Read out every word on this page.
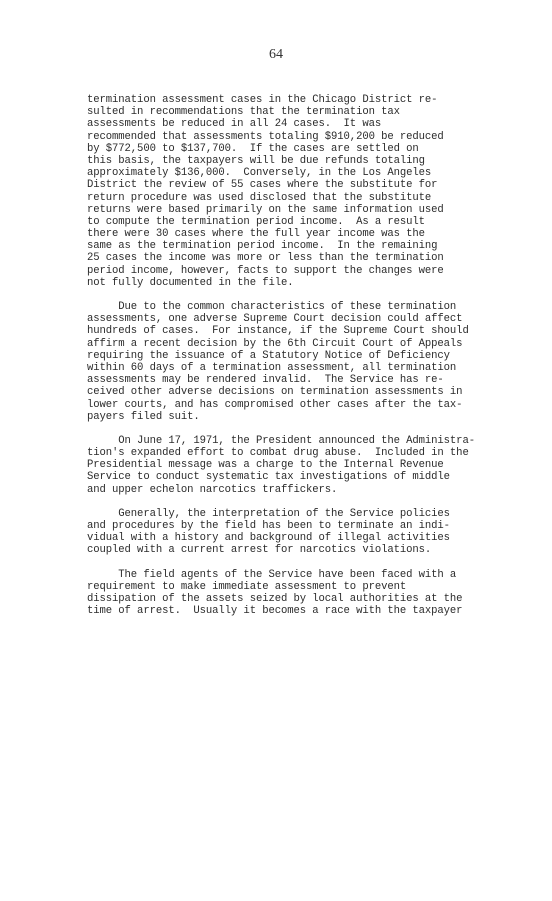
64
termination assessment cases in the Chicago District re-
sulted in recommendations that the termination tax
assessments be reduced in all 24 cases.  It was
recommended that assessments totaling $910,200 be reduced
by $772,500 to $137,700.  If the cases are settled on
this basis, the taxpayers will be due refunds totaling
approximately $136,000.  Conversely, in the Los Angeles
District the review of 55 cases where the substitute for
return procedure was used disclosed that the substitute
returns were based primarily on the same information used
to compute the termination period income.  As a result
there were 30 cases where the full year income was the
same as the termination period income.  In the remaining
25 cases the income was more or less than the termination
period income, however, facts to support the changes were
not fully documented in the file.
Due to the common characteristics of these termination
assessments, one adverse Supreme Court decision could affect
hundreds of cases.  For instance, if the Supreme Court should
affirm a recent decision by the 6th Circuit Court of Appeals
requiring the issuance of a Statutory Notice of Deficiency
within 60 days of a termination assessment, all termination
assessments may be rendered invalid.  The Service has re-
ceived other adverse decisions on termination assessments in
lower courts, and has compromised other cases after the tax-
payers filed suit.
On June 17, 1971, the President announced the Administra-
tion's expanded effort to combat drug abuse.  Included in the
Presidential message was a charge to the Internal Revenue
Service to conduct systematic tax investigations of middle
and upper echelon narcotics traffickers.
Generally, the interpretation of the Service policies
and procedures by the field has been to terminate an indi-
vidual with a history and background of illegal activities
coupled with a current arrest for narcotics violations.
The field agents of the Service have been faced with a
requirement to make immediate assessment to prevent
dissipation of the assets seized by local authorities at the
time of arrest.  Usually it becomes a race with the taxpayer
